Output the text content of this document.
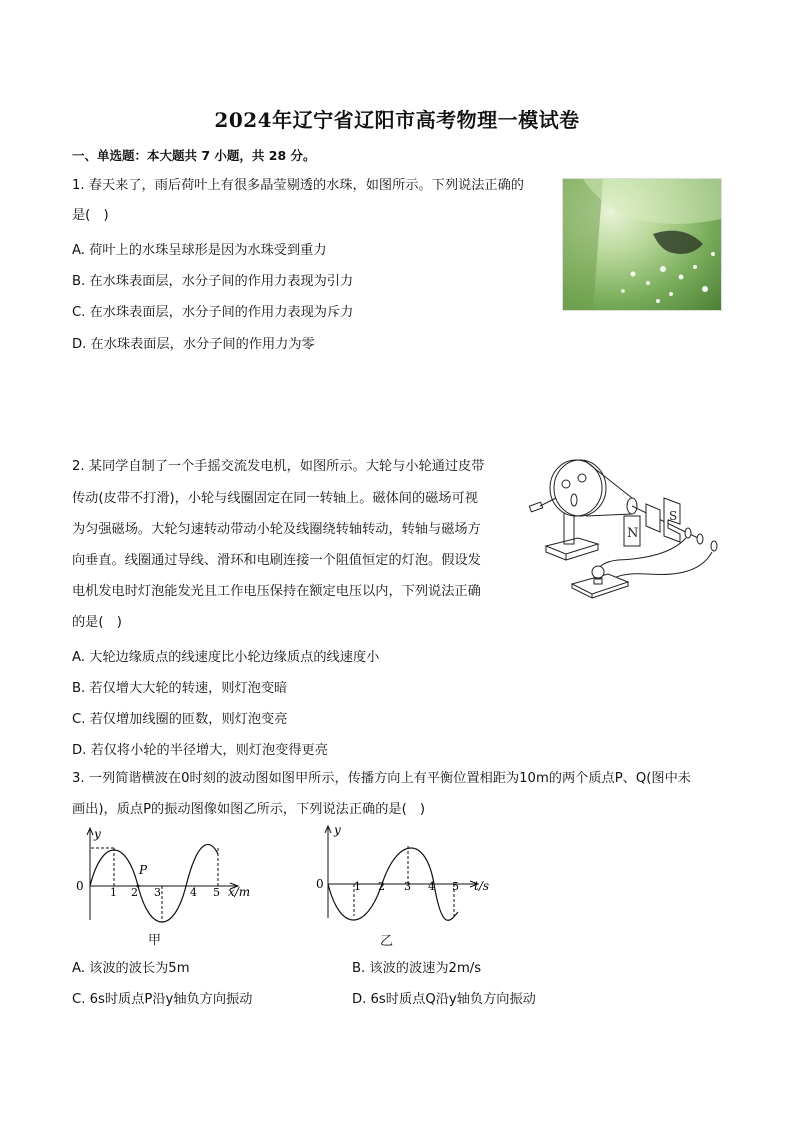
2024年辽宁省辽阳市高考物理一模试卷
一、单选题：本大题共 7 小题，共 28 分。
1. 春天来了，雨后荷叶上有很多晶莹剔透的水珠，如图所示。下列说法正确的
是(　)
A. 荷叶上的水珠呈球形是因为水珠受到重力
B. 在水珠表面层，水分子间的作用力表现为引力
C. 在水珠表面层，水分子间的作用力表现为斥力
D. 在水珠表面层，水分子间的作用力为零
2. 某同学自制了一个手摇交流发电机，如图所示。大轮与小轮通过皮带
传动(皮带不打滑)，小轮与线圈固定在同一转轴上。磁体间的磁场可视
为匀强磁场。大轮匀速转动带动小轮及线圈绕转轴转动，转轴与磁场方
向垂直。线圈通过导线、滑环和电刷连接一个阻值恒定的灯泡。假设发
电机发电时灯泡能发光且工作电压保持在额定电压以内，下列说法正确
的是(　)
A. 大轮边缘质点的线速度比小轮边缘质点的线速度小
B. 若仅增大大轮的转速，则灯泡变暗
C. 若仅增加线圈的匝数，则灯泡变亮
D. 若仅将小轮的半径增大，则灯泡变得更亮
N
S
3. 一列简谐横波在0时刻的波动图如图甲所示，传播方向上有平衡位置相距为10m的两个质点P、Q(图中未
画出)，质点P的振动图像如图乙所示，下列说法正确的是(　)
y
0
P
1 2 3	4 5 x/m
甲
y
0	1 2 3 4 5 t/s
乙
A. 该波的波长为5m	B. 该波的波速为2m/s
C. 6s时质点P沿y轴负方向振动	D. 6s时质点Q沿y轴负方向振动
